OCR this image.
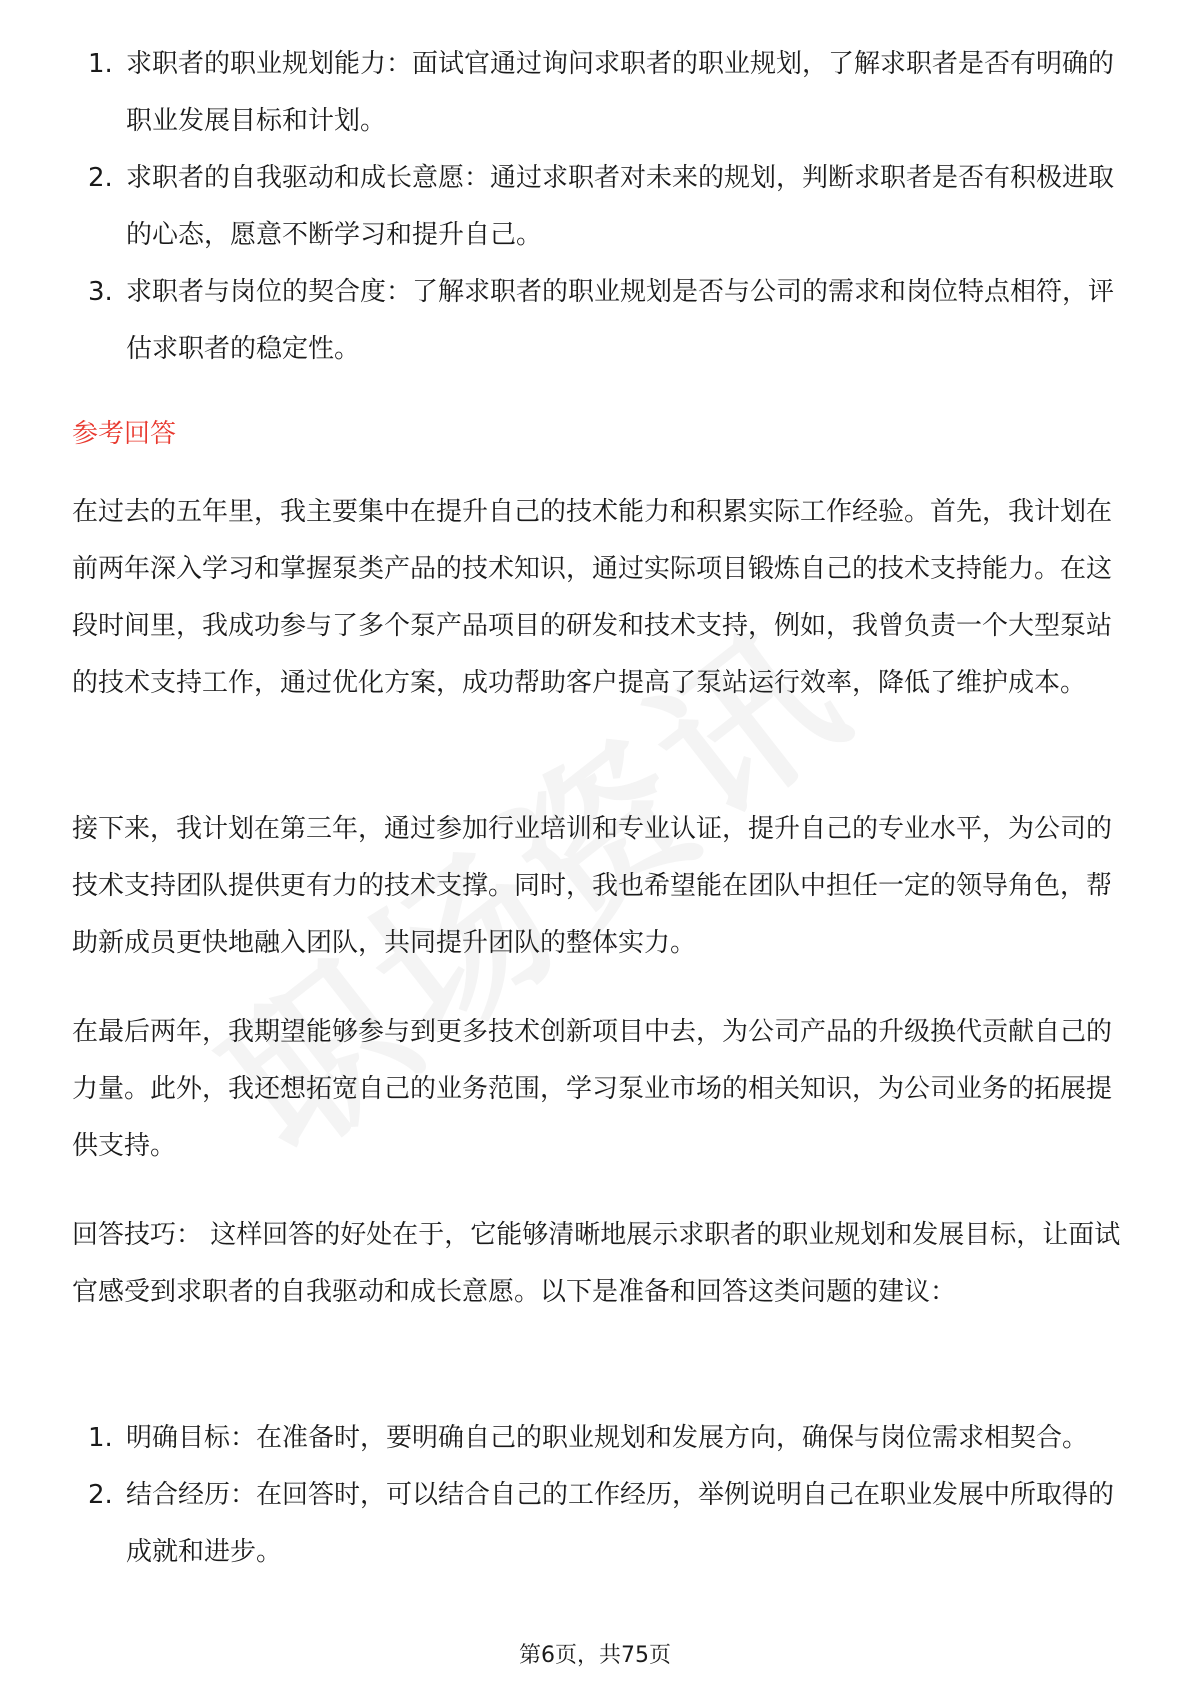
1. 求职者的职业规划能力：面试官通过询问求职者的职业规划，了解求职者是否有明确的职业发展目标和计划。
2. 求职者的自我驱动和成长意愿：通过求职者对未来的规划，判断求职者是否有积极进取的心态，愿意不断学习和提升自己。
3. 求职者与岗位的契合度：了解求职者的职业规划是否与公司的需求和岗位特点相符，评估求职者的稳定性。
参考回答

在过去的五年里，我主要集中在提升自己的技术能力和积累实际工作经验。首先，我计划在前两年深入学习和掌握泵类产品的技术知识，通过实际项目锻炼自己的技术支持能力。在这段时间里，我成功参与了多个泵产品项目的研发和技术支持，例如，我曾负责一个大型泵站的技术支持工作，通过优化方案，成功帮助客户提高了泵站运行效率，降低了维护成本。

接下来，我计划在第三年，通过参加行业培训和专业认证，提升自己的专业水平，为公司的技术支持团队提供更有力的技术支撑。同时，我也希望能在团队中担任一定的领导角色，帮助新成员更快地融入团队，共同提升团队的整体实力。

在最后两年，我期望能够参与到更多技术创新项目中去，为公司产品的升级换代贡献自己的力量。此外，我还想拓宽自己的业务范围，学习泵业市场的相关知识，为公司业务的拓展提供支持。

回答技巧： 这样回答的好处在于，它能够清晰地展示求职者的职业规划和发展目标，让面试官感受到求职者的自我驱动和成长意愿。以下是准备和回答这类问题的建议：

1. 明确目标：在准备时，要明确自己的职业规划和发展方向，确保与岗位需求相契合。
2. 结合经历：在回答时，可以结合自己的工作经历，举例说明自己在职业发展中所取得的成就和进步。
第6页，共75页
